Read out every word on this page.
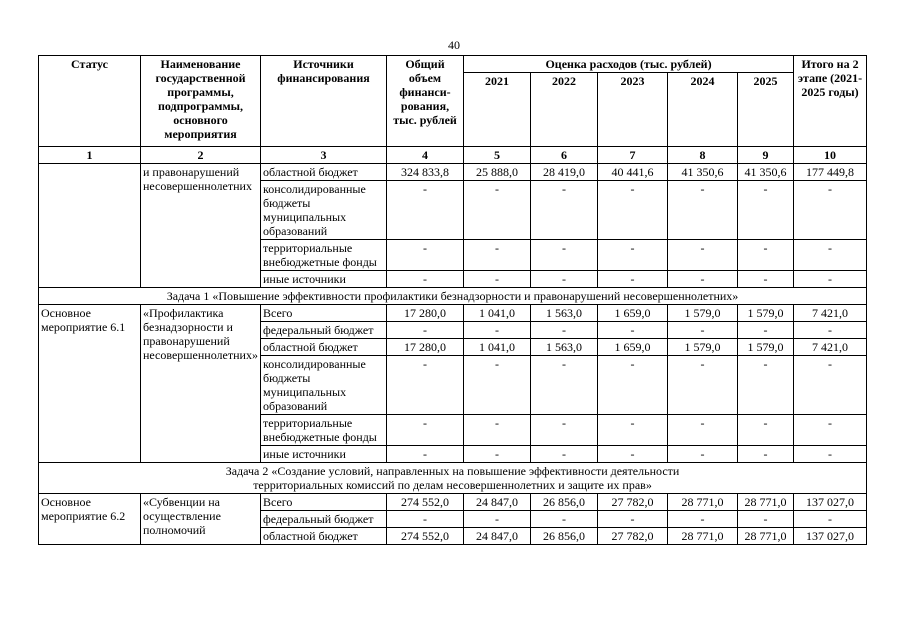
40
Статус	Наименование государственной программы, подпрограммы, основного мероприятия	Источники финансирования	Общий объем финанси-рования, тыс. рублей	Оценка расходов (тыс. рублей)					Итого на 2 этапе (2021-2025 годы)
				2021	2022	2023	2024	2025	
1	2	3	4	5	6	7	8	9	10
	и правонарушений несовершеннолетних	областной бюджет	324 833,8	25 888,0	28 419,0	40 441,6	41 350,6	41 350,6	177 449,8
		консолидированные бюджеты муниципальных образований	-	-	-	-	-	-	-
		территориальные внебюджетные фонды	-	-	-	-	-	-	-
		иные источники	-	-	-	-	-	-	-
Задача 1 «Повышение эффективности профилактики безнадзорности и правонарушений несовершеннолетних»									
Основное мероприятие 6.1	«Профилактика безнадзорности и правонарушений несовершеннолетних»	Всего	17 280,0	1 041,0	1 563,0	1 659,0	1 579,0	1 579,0	7 421,0
		федеральный бюджет	-	-	-	-	-	-	-
		областной бюджет	17 280,0	1 041,0	1 563,0	1 659,0	1 579,0	1 579,0	7 421,0
		консолидированные бюджеты муниципальных образований	-	-	-	-	-	-	-
		территориальные внебюджетные фонды	-	-	-	-	-	-	-
		иные источники	-	-	-	-	-	-	-

Задача 2 «Создание условий, направленных на повышение эффективности деятельности
территориальных комиссий по делам несовершеннолетних и защите их прав»									

Основное мероприятие 6.2	«Субвенции на осуществление полномочий	Всего	274 552,0	24 847,0	26 856,0	27 782,0	28 771,0	28 771,0	137 027,0
		федеральный бюджет	-	-	-	-	-	-	-
		областной бюджет	274 552,0	24 847,0	26 856,0	27 782,0	28 771,0	28 771,0	137 027,0
